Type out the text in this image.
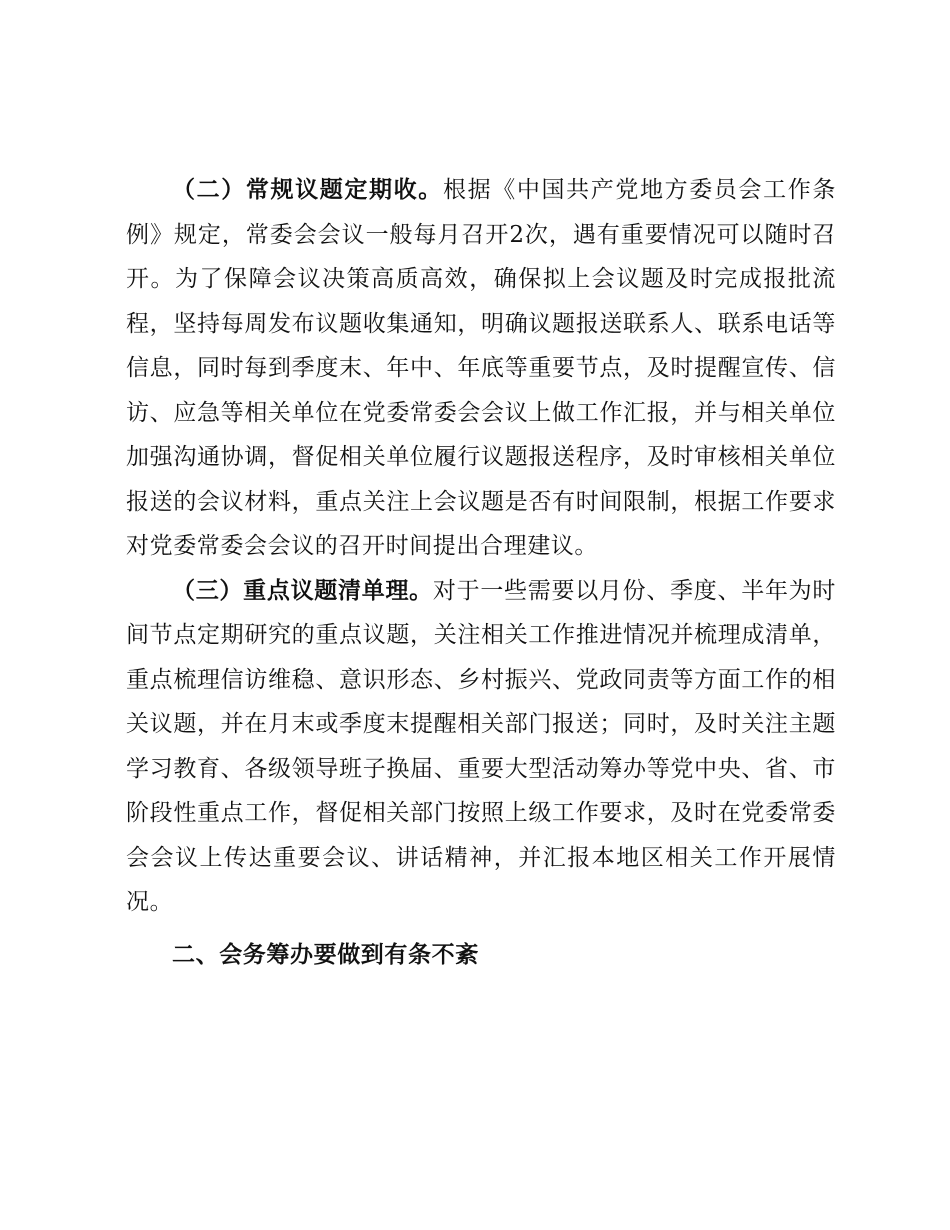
（二）常规议题定期收。根据《中国共产党地方委员会工作条例》规定，常委会会议一般每月召开2次，遇有重要情况可以随时召开。为了保障会议决策高质高效，确保拟上会议题及时完成报批流程，坚持每周发布议题收集通知，明确议题报送联系人、联系电话等信息，同时每到季度末、年中、年底等重要节点，及时提醒宣传、信访、应急等相关单位在党委常委会会议上做工作汇报，并与相关单位加强沟通协调，督促相关单位履行议题报送程序，及时审核相关单位报送的会议材料，重点关注上会议题是否有时间限制，根据工作要求对党委常委会会议的召开时间提出合理建议。

（三）重点议题清单理。对于一些需要以月份、季度、半年为时间节点定期研究的重点议题，关注相关工作推进情况并梳理成清单，重点梳理信访维稳、意识形态、乡村振兴、党政同责等方面工作的相关议题，并在月末或季度末提醒相关部门报送；同时，及时关注主题学习教育、各级领导班子换届、重要大型活动筹办等党中央、省、市阶段性重点工作，督促相关部门按照上级工作要求，及时在党委常委会会议上传达重要会议、讲话精神，并汇报本地区相关工作开展情况。

二、会务筹办要做到有条不紊
